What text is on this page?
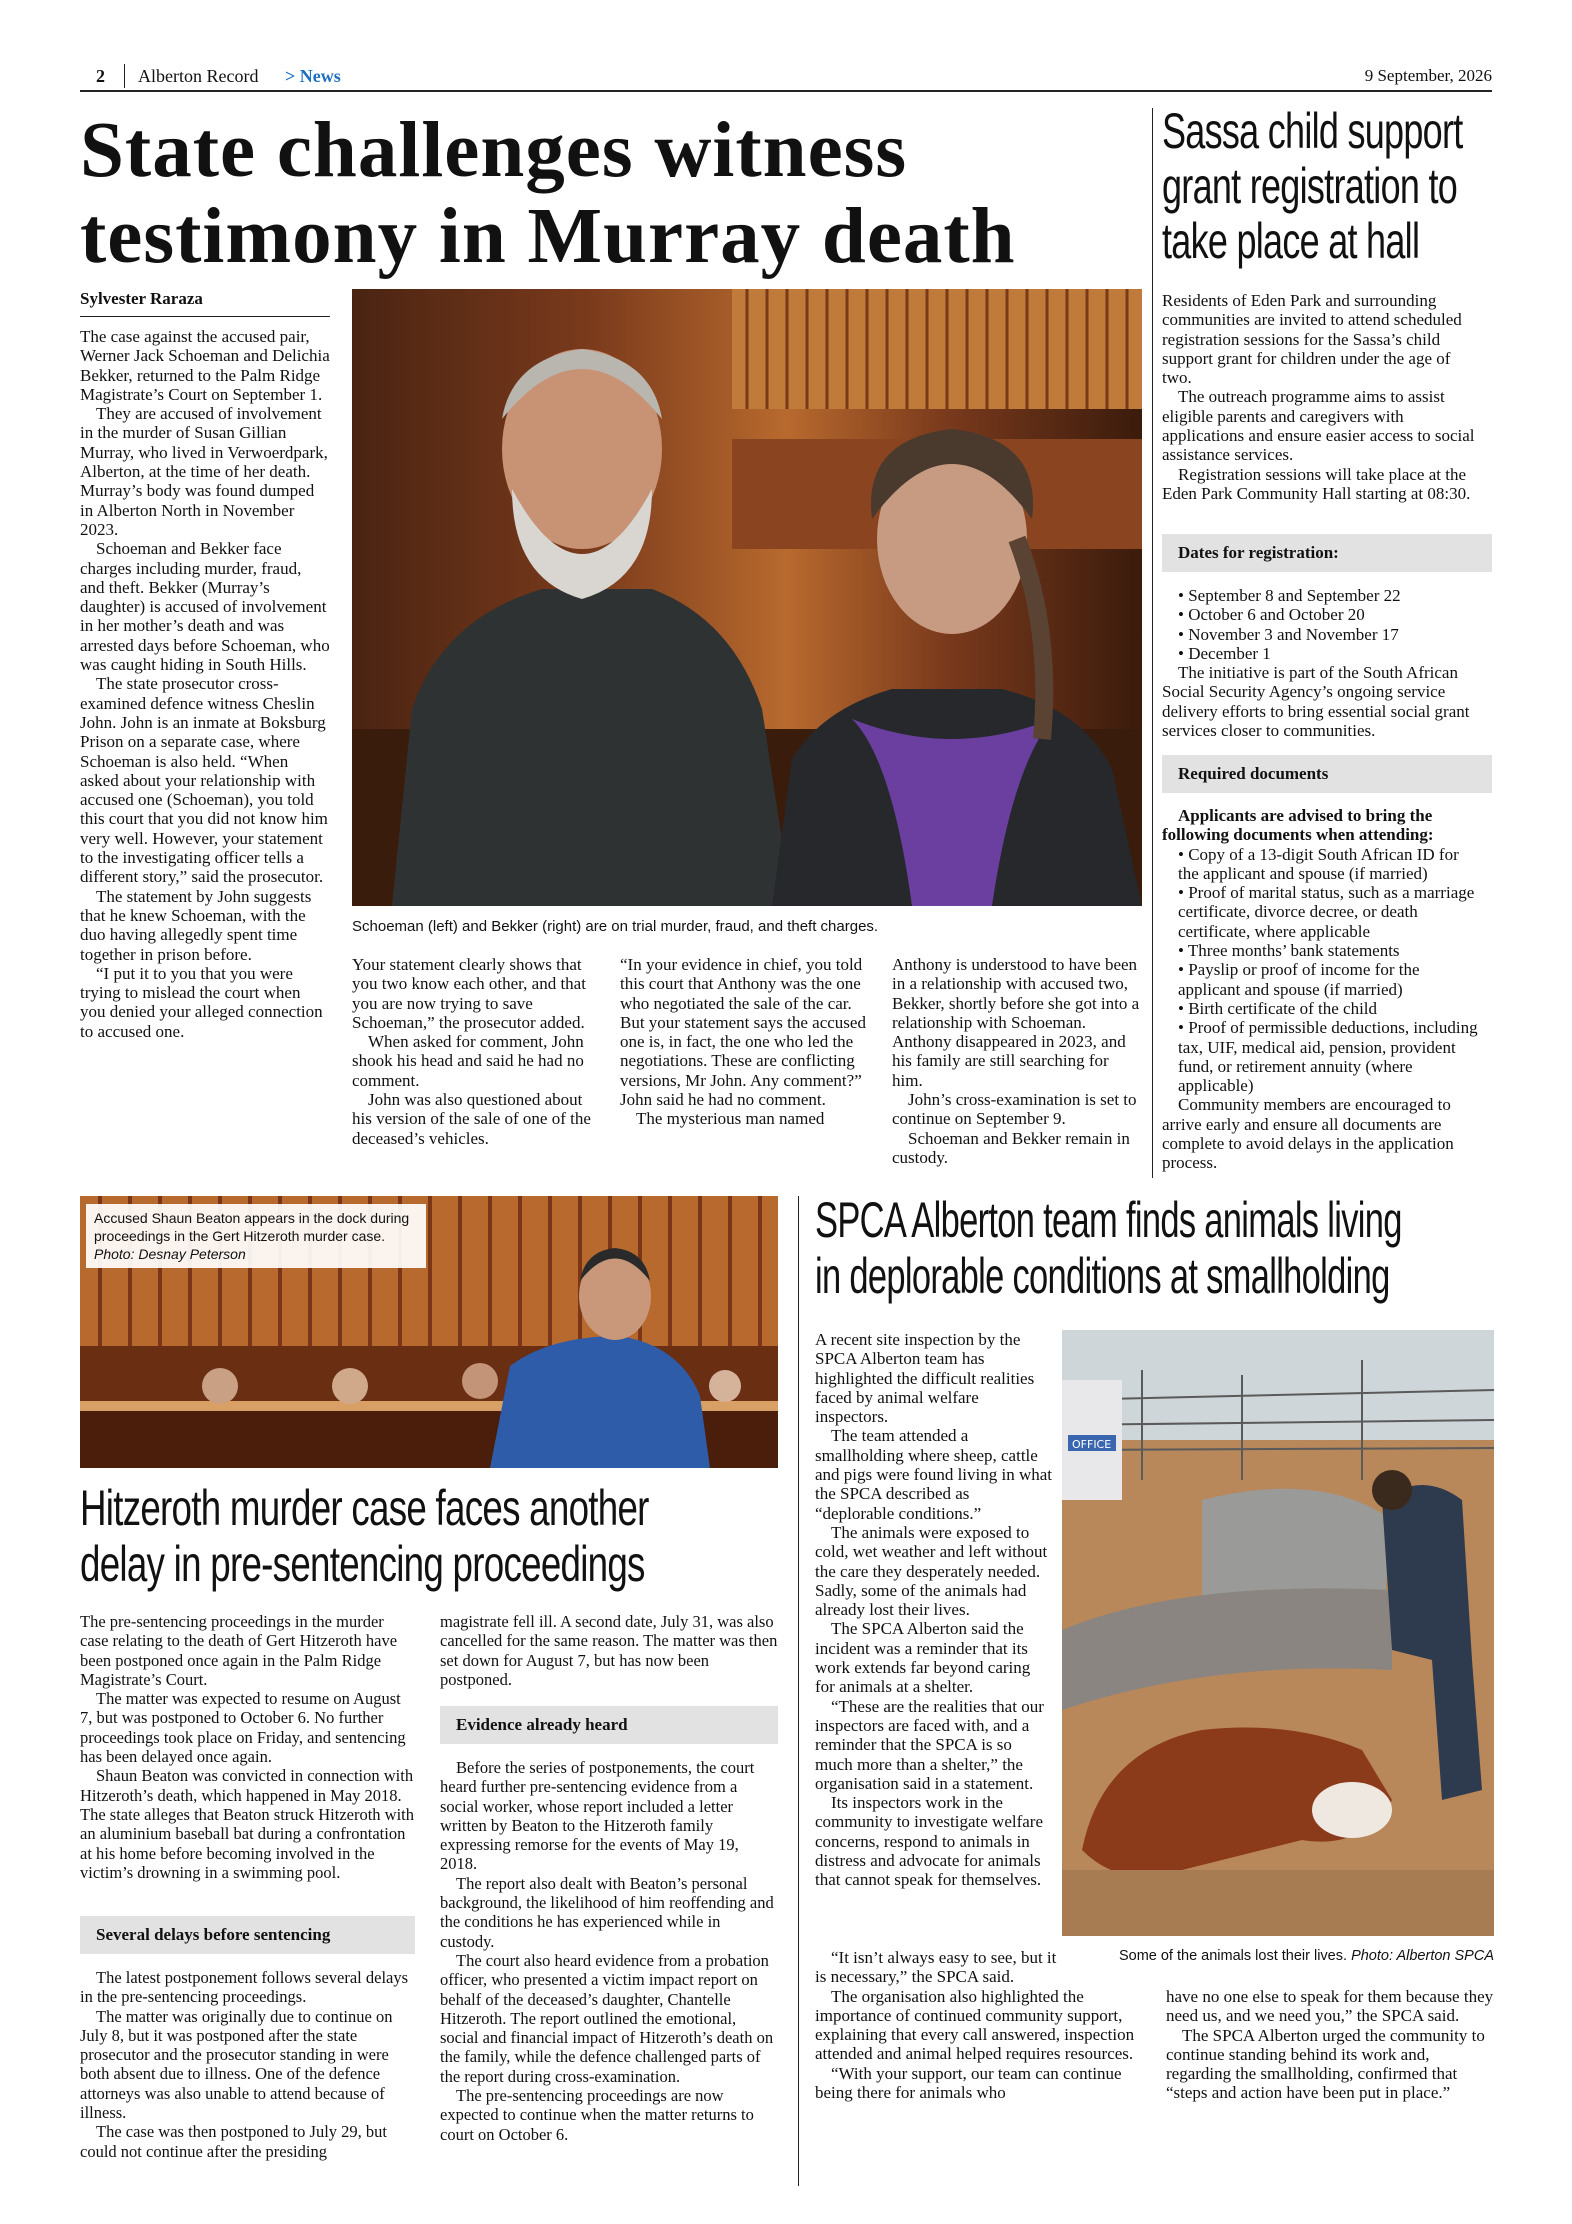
2 Alberton Record > News	9 September, 2026
State challenges witness
testimony in Murray death
Sylvester Raraza

The case against the accused pair, Werner Jack Schoeman and Delichia Bekker, returned to the Palm Ridge Magistrate’s Court on September 1.

They are accused of involvement in the murder of Susan Gillian Murray, who lived in Verwoerdpark, Alberton, at the time of her death. Murray’s body was found dumped in Alberton North in November 2023.

Schoeman and Bekker face charges including murder, fraud, and theft. Bekker (Murray’s daughter) is accused of involvement in her mother’s death and was arrested days before Schoeman, who was caught hiding in South Hills.

The state prosecutor cross-examined defence witness Cheslin John. John is an inmate at Boksburg Prison on a separate case, where Schoeman is also held. “When asked about your relationship with accused one (Schoeman), you told this court that you did not know him very well. However, your statement to the investigating officer tells a different story,” said the prosecutor.

The statement by John suggests that he knew Schoeman, with the duo having allegedly spent time together in prison before.

“I put it to you that you were trying to mislead the court when you denied your alleged connection to accused one.

Schoeman (left) and Bekker (right) are on trial murder, fraud, and theft charges.

Your statement clearly shows that you two know each other, and that you are now trying to save Schoeman,” the prosecutor added.

When asked for comment, John shook his head and said he had no comment.

John was also questioned about his version of the sale of one of the deceased’s vehicles.

“In your evidence in chief, you told this court that Anthony was the one who negotiated the sale of the car. But your statement says the accused one is, in fact, the one who led the negotiations. These are conflicting versions, Mr John. Any comment?” John said he had no comment.

The mysterious man named

Anthony is understood to have been in a relationship with accused two, Bekker, shortly before she got into a relationship with Schoeman. Anthony disappeared in 2023, and his family are still searching for him.

John’s cross-examination is set to continue on September 9.

Schoeman and Bekker remain in custody.

Sassa child support
grant registration to
take place at hall

Residents of Eden Park and surrounding communities are invited to attend scheduled registration sessions for the Sassa’s child support grant for children under the age of two.

The outreach programme aims to assist eligible parents and caregivers with applications and ensure easier access to social assistance services.

Registration sessions will take place at the Eden Park Community Hall starting at 08:30.

Dates for registration:
• September 8 and September 22
• October 6 and October 20
• November 3 and November 17
• December 1

The initiative is part of the South African Social Security Agency’s ongoing service delivery efforts to bring essential social grant services closer to communities.

Required documents

Applicants are advised to bring the following documents when attending:

• Copy of a 13-digit South African ID for the applicant and spouse (if married)
• Proof of marital status, such as a marriage certificate, divorce decree, or death certificate, where applicable
• Three months’ bank statements
• Payslip or proof of income for the applicant and spouse (if married)
• Birth certificate of the child
• Proof of permissible deductions, including tax, UIF, medical aid, pension, provident fund, or retirement annuity (where applicable)

Community members are encouraged to arrive early and ensure all documents are complete to avoid delays in the application process.

Accused Shaun Beaton appears in the dock during proceedings in the Gert Hitzeroth murder case. Photo: Desnay Peterson
Hitzeroth murder case faces another
delay in pre-sentencing proceedings

The pre-sentencing proceedings in the murder case relating to the death of Gert Hitzeroth have been postponed once again in the Palm Ridge Magistrate’s Court.

The matter was expected to resume on August 7, but was postponed to October 6. No further proceedings took place on Friday, and sentencing has been delayed once again.

Shaun Beaton was convicted in connection with Hitzeroth’s death, which happened in May 2018. The state alleges that Beaton struck Hitzeroth with an aluminium baseball bat during a confrontation at his home before becoming involved in the victim’s drowning in a swimming pool.

Several delays before sentencing

The latest postponement follows several delays in the pre-sentencing proceedings.

The matter was originally due to continue on July 8, but it was postponed after the state prosecutor and the prosecutor standing in were both absent due to illness. One of the defence attorneys was also unable to attend because of illness.

The case was then postponed to July 29, but could not continue after the presiding

magistrate fell ill. A second date, July 31, was also cancelled for the same reason. The matter was then set down for August 7, but has now been postponed.

Evidence already heard

Before the series of postponements, the court heard further pre-sentencing evidence from a social worker, whose report included a letter written by Beaton to the Hitzeroth family expressing remorse for the events of May 19, 2018.

The report also dealt with Beaton’s personal background, the likelihood of him reoffending and the conditions he has experienced while in custody.

The court also heard evidence from a probation officer, who presented a victim impact report on behalf of the deceased’s daughter, Chantelle Hitzeroth. The report outlined the emotional, social and financial impact of Hitzeroth’s death on the family, while the defence challenged parts of the report during cross-examination.

The pre-sentencing proceedings are now expected to continue when the matter returns to court on October 6.

SPCA Alberton team finds animals living
in deplorable conditions at smallholding

A recent site inspection by the SPCA Alberton team has highlighted the difficult realities faced by animal welfare inspectors.

The team attended a smallholding where sheep, cattle and pigs were found living in what the SPCA described as “deplorable conditions.”

The animals were exposed to cold, wet weather and left without the care they desperately needed. Sadly, some of the animals had already lost their lives.

The SPCA Alberton said the incident was a reminder that its work extends far beyond caring for animals at a shelter.

“These are the realities that our inspectors are faced with, and a reminder that the SPCA is so much more than a shelter,” the organisation said in a statement.

Its inspectors work in the community to investigate welfare concerns, respond to animals in distress and advocate for animals that cannot speak for themselves.

OFFICE
Some of the animals lost their lives. Photo: Alberton SPCA

“It isn’t always easy to see, but it is necessary,” the SPCA said.

The organisation also highlighted the importance of continued community support, explaining that every call answered, inspection attended and animal helped requires resources.

“With your support, our team can continue being there for animals who

have no one else to speak for them because they need us, and we need you,” the SPCA said.

The SPCA Alberton urged the community to continue standing behind its work and, regarding the smallholding, confirmed that “steps and action have been put in place.”
